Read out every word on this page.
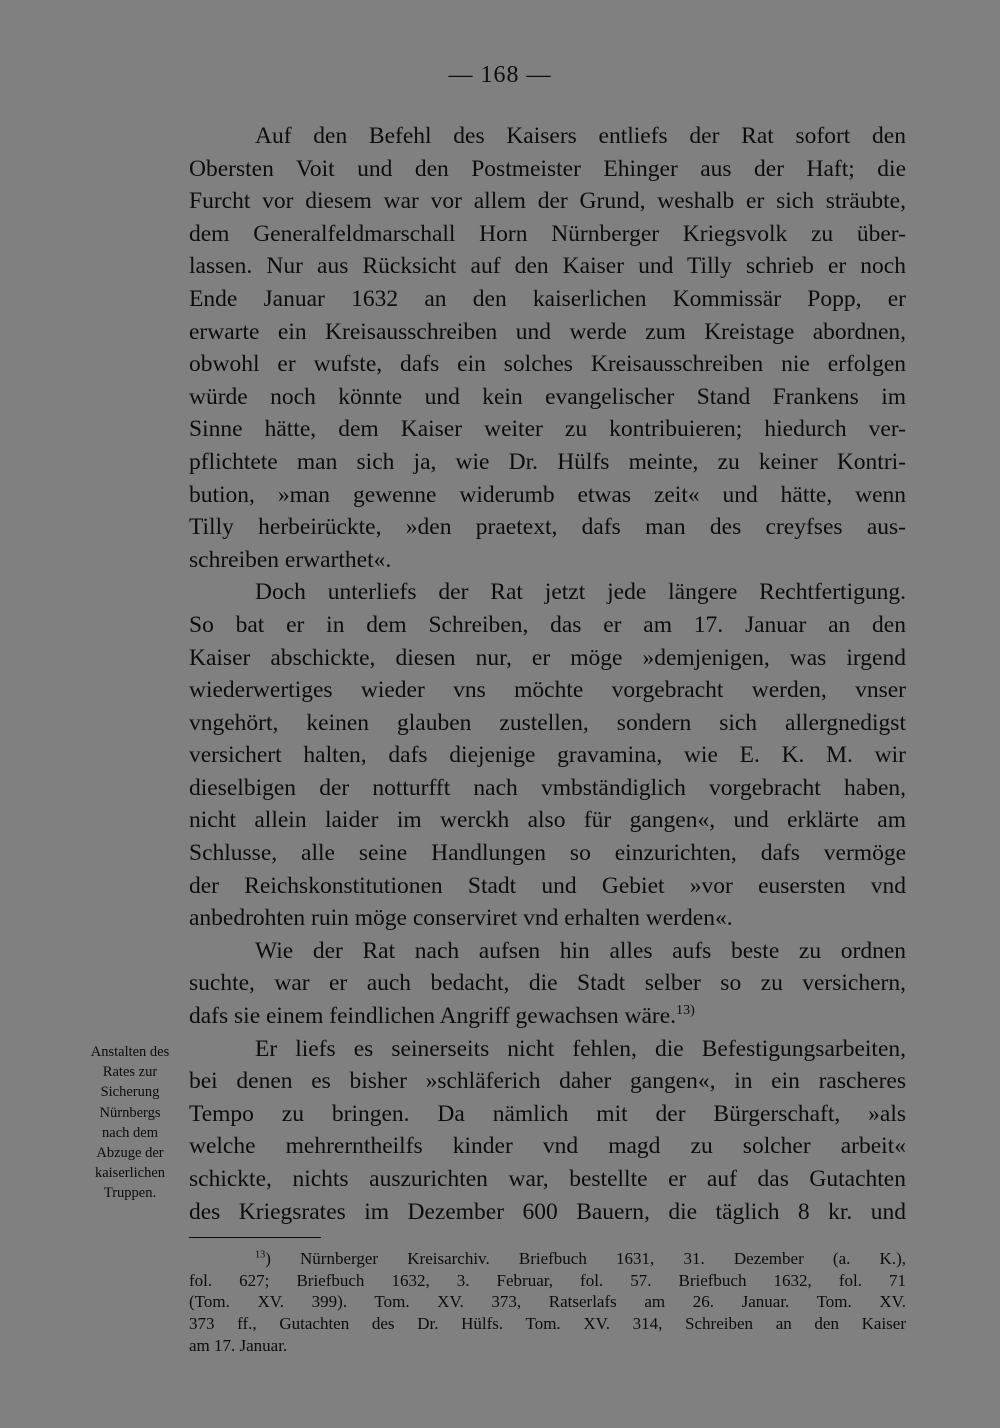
— 168 —
Auf den Befehl des Kaisers entliefs der Rat sofort den
Obersten Voit und den Postmeister Ehinger aus der Haft; die
Furcht vor diesem war vor allem der Grund, weshalb er sich sträubte,
dem Generalfeldmarschall Horn Nürnberger Kriegsvolk zu über-
lassen. Nur aus Rücksicht auf den Kaiser und Tilly schrieb er noch
Ende Januar 1632 an den kaiserlichen Kommissär Popp, er
erwarte ein Kreisausschreiben und werde zum Kreistage abordnen,
obwohl er wufste, dafs ein solches Kreisausschreiben nie erfolgen
würde noch könnte und kein evangelischer Stand Frankens im
Sinne hätte, dem Kaiser weiter zu kontribuieren; hiedurch ver-
pflichtete man sich ja, wie Dr. Hülfs meinte, zu keiner Kontri-
bution, »man gewenne widerumb etwas zeit« und hätte, wenn
Tilly herbeirückte, »den praetext, dafs man des creyfses aus-
schreiben erwarthet«.
Doch unterliefs der Rat jetzt jede längere Rechtfertigung.
So bat er in dem Schreiben, das er am 17. Januar an den
Kaiser abschickte, diesen nur, er möge »demjenigen, was irgend
wiederwertiges wieder vns möchte vorgebracht werden, vnser
vngehört, keinen glauben zustellen, sondern sich allergnedigst
versichert halten, dafs diejenige gravamina, wie E. K. M. wir
dieselbigen der notturfft nach vmbständiglich vorgebracht haben,
nicht allein laider im werckh also für gangen«, und erklärte am
Schlusse, alle seine Handlungen so einzurichten, dafs vermöge
der Reichskonstitutionen Stadt und Gebiet »vor eusersten vnd
anbedrohten ruin möge conserviret vnd erhalten werden«.
Wie der Rat nach aufsen hin alles aufs beste zu ordnen
suchte, war er auch bedacht, die Stadt selber so zu versichern,
dafs sie einem feindlichen Angriff gewachsen wäre.$^{13)}$
Er liefs es seinerseits nicht fehlen, die Befestigungsarbeiten,
bei denen es bisher »schläferich daher gangen«, in ein rascheres
Tempo zu bringen. Da nämlich mit der Bürgerschaft, »als
welche mehrerntheilfs kinder vnd magd zu solcher arbeit«
schickte, nichts auszurichten war, bestellte er auf das Gutachten
des Kriegsrates im Dezember 600 Bauern, die täglich 8 kr. und
Anstalten des
Rates zur
Sicherung
Nürnbergs
nach dem
Abzuge der
kaiserlichen
Truppen.
$^{13}$) Nürnberger Kreisarchiv. Briefbuch 1631, 31. Dezember (a. K.),
fol. 627; Briefbuch 1632, 3. Februar, fol. 57. Briefbuch 1632, fol. 71
(Tom. XV. 399). Tom. XV. 373, Ratserlafs am 26. Januar. Tom. XV.
373 ff., Gutachten des Dr. Hülfs. Tom. XV. 314, Schreiben an den Kaiser
am 17. Januar.
